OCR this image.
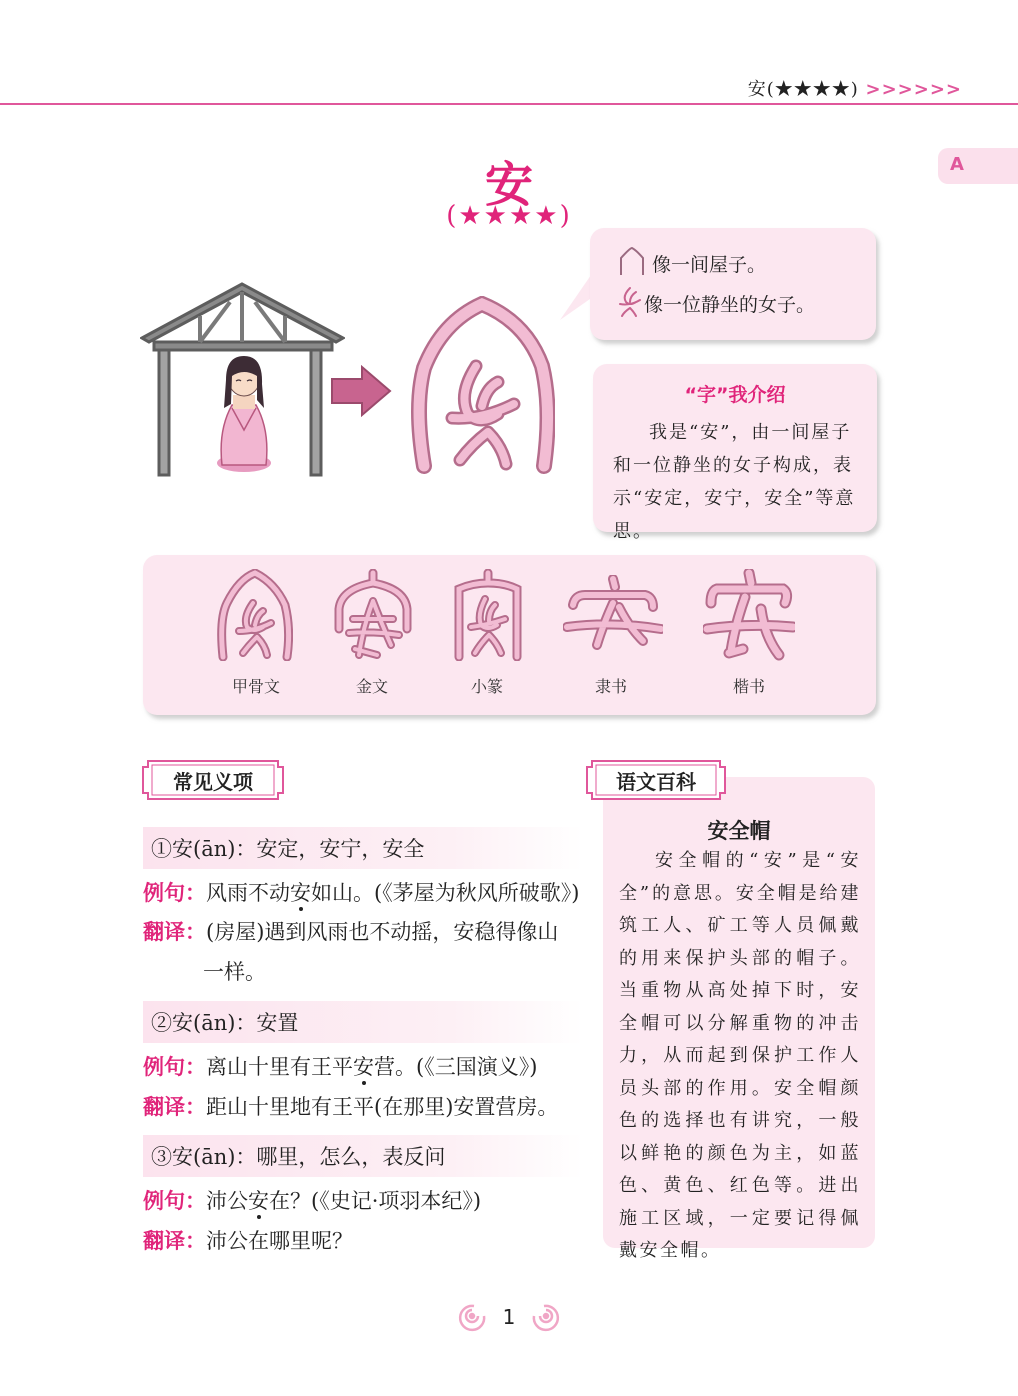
安(★★★★) >>>>>>
A
安
(★★★★)
像一间屋子。
像一位静坐的女子。
“字”我介绍
我是“安”，由一间屋子和一位静坐的女子构成，表示“安定，安宁，安全”等意思。
甲骨文	金文	小篆	隶书	楷书
常见义项
①安(ān)：安定，安宁，安全
例句：风雨不动安如山。(《茅屋为秋风所破歌》)
翻译：(房屋)遇到风雨也不动摇，安稳得像山
一样。
②安(ān)：安置
例句：离山十里有王平安营。(《三国演义》)
翻译：距山十里地有王平(在那里)安置营房。
③安(ān)：哪里，怎么，表反问
例句：沛公安在？(《史记·项羽本纪》)
翻译：沛公在哪里呢？
安全帽
安全帽的“安”是“安全”的意思。安全帽是给建筑工人、矿工等人员佩戴的用来保护头部的帽子。当重物从高处掉下时，安全帽可以分解重物的冲击力，从而起到保护工作人员头部的作用。安全帽颜色的选择也有讲究，一般以鲜艳的颜色为主，如蓝色、黄色、红色等。进出施工区域，一定要记得佩戴安全帽。
语文百科
1
